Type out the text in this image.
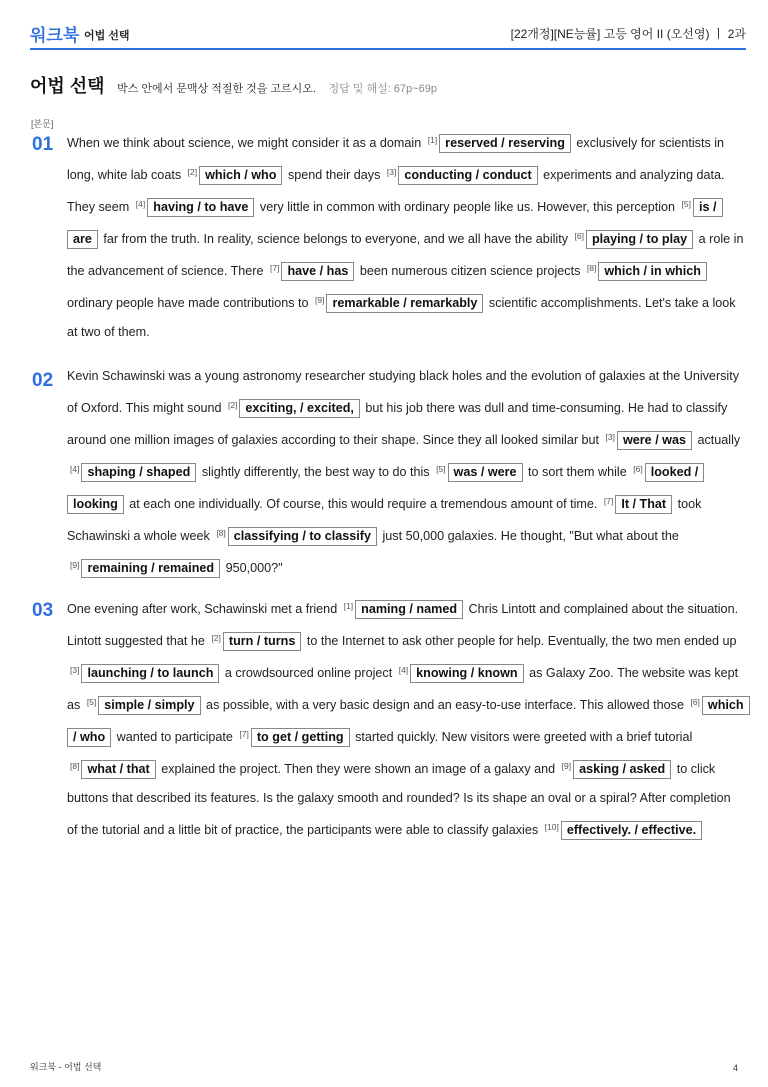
워크북 어법 선택	[22개정][NE능률] 고등 영어 II (오선영) ㅣ 2과
어법 선택 박스 안에서 문맥상 적절한 것을 고르시오. 정답 및 해설: 67p~69p
[본문]
01 When we think about science, we might consider it as a domain [1] reserved / reserving exclusively for scientists in long, white lab coats [2] which / who spend their days [3] conducting / conduct experiments and analyzing data. They seem [4] having / to have very little in common with ordinary people like us. However, this perception [5] is / are far from the truth. In reality, science belongs to everyone, and we all have the ability [6] playing / to play a role in the advancement of science. There [7] have / has been numerous citizen science projects [8] which / in which ordinary people have made contributions to [9] remarkable / remarkably scientific accomplishments. Let's take a look at two of them.
02 Kevin Schawinski was a young astronomy researcher studying black holes and the evolution of galaxies at the University of Oxford. This might sound [2] exciting, / excited, but his job there was dull and time-consuming. He had to classify around one million images of galaxies according to their shape. Since they all looked similar but [3] were / was actually [4] shaping / shaped slightly differently, the best way to do this [5] was / were to sort them while [6] looked / looking at each one individually. Of course, this would require a tremendous amount of time. [7] It / That took Schawinski a whole week [8] classifying / to classify just 50,000 galaxies. He thought, "But what about the [9] remaining / remained 950,000?"
03 One evening after work, Schawinski met a friend [1] naming / named Chris Lintott and complained about the situation. Lintott suggested that he [2] turn / turns to the Internet to ask other people for help. Eventually, the two men ended up [3] launching / to launch a crowdsourced online project [4] knowing / known as Galaxy Zoo. The website was kept as [5] simple / simply as possible, with a very basic design and an easy-to-use interface. This allowed those [6] which / who wanted to participate [7] to get / getting started quickly. New visitors were greeted with a brief tutorial [8] what / that explained the project. Then they were shown an image of a galaxy and [9] asking / asked to click buttons that described its features. Is the galaxy smooth and rounded? Is its shape an oval or a spiral? After completion of the tutorial and a little bit of practice, the participants were able to classify galaxies [10] effectively. / effective.
워크북 - 어법 선택	4
